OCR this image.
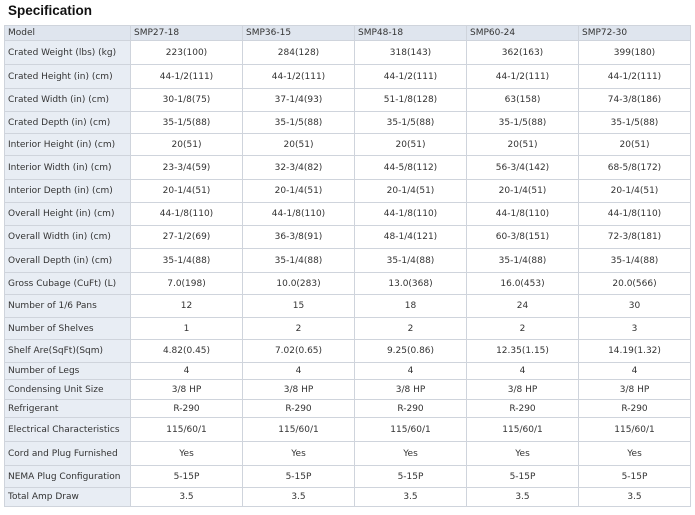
Specification
Model	SMP27-18	SMP36-15	SMP48-18	SMP60-24	SMP72-30
Crated Weight (lbs) (kg)	223(100)	284(128)	318(143)	362(163)	399(180)
Crated Height (in) (cm)	44-1/2(111)	44-1/2(111)	44-1/2(111)	44-1/2(111)	44-1/2(111)
Crated Width (in) (cm)	30-1/8(75)	37-1/4(93)	51-1/8(128)	63(158)	74-3/8(186)
Crated Depth (in) (cm)	35-1/5(88)	35-1/5(88)	35-1/5(88)	35-1/5(88)	35-1/5(88)
Interior Height (in) (cm)	20(51)	20(51)	20(51)	20(51)	20(51)
Interior Width (in) (cm)	23-3/4(59)	32-3/4(82)	44-5/8(112)	56-3/4(142)	68-5/8(172)
Interior Depth (in) (cm)	20-1/4(51)	20-1/4(51)	20-1/4(51)	20-1/4(51)	20-1/4(51)
Overall Height (in) (cm)	44-1/8(110)	44-1/8(110)	44-1/8(110)	44-1/8(110)	44-1/8(110)
Overall Width (in) (cm)	27-1/2(69)	36-3/8(91)	48-1/4(121)	60-3/8(151)	72-3/8(181)
Overall Depth (in) (cm)	35-1/4(88)	35-1/4(88)	35-1/4(88)	35-1/4(88)	35-1/4(88)
Gross Cubage (CuFt) (L)	7.0(198)	10.0(283)	13.0(368)	16.0(453)	20.0(566)
Number of 1/6 Pans	12	15	18	24	30
Number of Shelves	1	2	2	2	3
Shelf Are(SqFt)(Sqm)	4.82(0.45)	7.02(0.65)	9.25(0.86)	12.35(1.15)	14.19(1.32)
Number of Legs	4	4	4	4	4
Condensing Unit Size	3/8 HP	3/8 HP	3/8 HP	3/8 HP	3/8 HP
Refrigerant	R-290	R-290	R-290	R-290	R-290
Electrical Characteristics	115/60/1	115/60/1	115/60/1	115/60/1	115/60/1
Cord and Plug Furnished	Yes	Yes	Yes	Yes	Yes
NEMA Plug Configuration	5-15P	5-15P	5-15P	5-15P	5-15P
Total Amp Draw	3.5	3.5	3.5	3.5	3.5
